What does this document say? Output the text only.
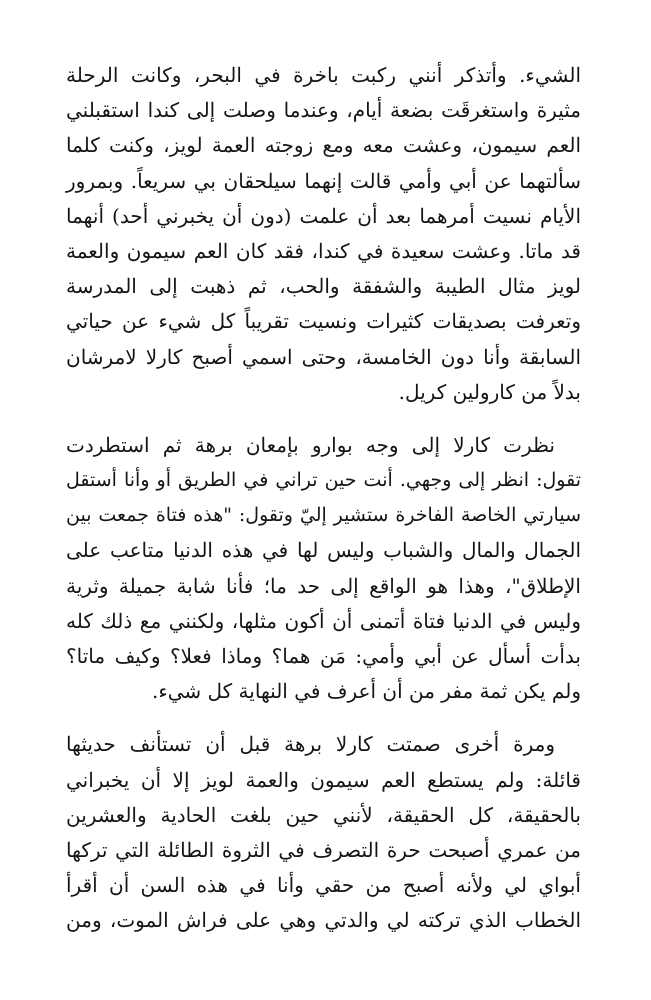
الشيء. وأتذكر أنني ركبت باخرة في البحر، وكانت الرحلة
مثيرة واستغرقَت بضعة أيام، وعندما وصلت إلى كندا استقبلني
العم سيمون، وعشت معه ومع زوجته العمة لويز، وكنت كلما
سألتهما عن أبي وأمي قالت إنهما سيلحقان بي سريعاً. وبمرور
الأيام نسيت أمرهما بعد أن علمت (دون أن يخبرني أحد) أنهما
قد ماتا. وعشت سعيدة في كندا، فقد كان العم سيمون والعمة
لويز مثال الطيبة والشفقة والحب، ثم ذهبت إلى المدرسة
وتعرفت بصديقات كثيرات ونسيت تقريباً كل شيء عن حياتي
السابقة وأنا دون الخامسة، وحتى اسمي أصبح كارلا لامرشان
بدلاً من كارولين كريل.
نظرت كارلا إلى وجه بوارو بإمعان برهة ثم استطردت
تقول: انظر إلى وجهي. أنت حين تراني في الطريق أو وأنا أستقل
سيارتي الخاصة الفاخرة ستشير إليّ وتقول: "هذه فتاة جمعت بين
الجمال والمال والشباب وليس لها في هذه الدنيا متاعب على
الإطلاق"، وهذا هو الواقع إلى حد ما؛ فأنا شابة جميلة وثرية
وليس في الدنيا فتاة أتمنى أن أكون مثلها، ولكنني مع ذلك كله
بدأت أسأل عن أبي وأمي: مَن هما؟ وماذا فعلا؟ وكيف ماتا؟
ولم يكن ثمة مفر من أن أعرف في النهاية كل شيء.
ومرة أخرى صمتت كارلا برهة قبل أن تستأنف حديثها
قائلة: ولم يستطع العم سيمون والعمة لويز إلا أن يخبراني
بالحقيقة، كل الحقيقة، لأنني حين بلغت الحادية والعشرين
من عمري أصبحت حرة التصرف في الثروة الطائلة التي تركها
أبواي لي ولأنه أصبح من حقي وأنا في هذه السن أن أقرأ
الخطاب الذي تركته لي والدتي وهي على فراش الموت، ومن
